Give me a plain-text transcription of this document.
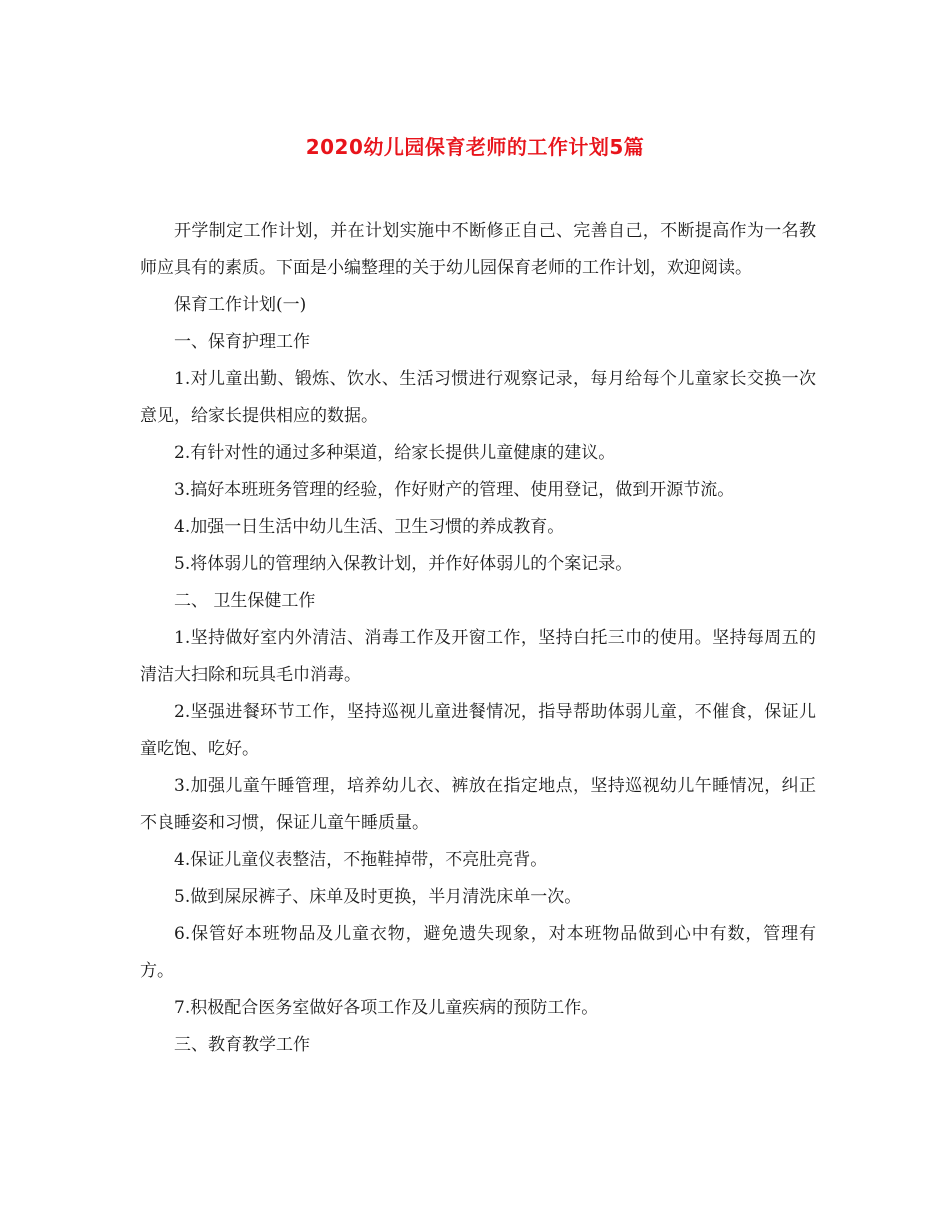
2020幼儿园保育老师的工作计划5篇

开学制定工作计划，并在计划实施中不断修正自己、完善自己，不断提高作为一名教师应具有的素质。下面是小编整理的关于幼儿园保育老师的工作计划，欢迎阅读。

保育工作计划(一)

一、保育护理工作

1.对儿童出勤、锻炼、饮水、生活习惯进行观察记录，每月给每个儿童家长交换一次意见，给家长提供相应的数据。

2.有针对性的通过多种渠道，给家长提供儿童健康的建议。

3.搞好本班班务管理的经验，作好财产的管理、使用登记，做到开源节流。

4.加强一日生活中幼儿生活、卫生习惯的养成教育。

5.将体弱儿的管理纳入保教计划，并作好体弱儿的个案记录。

二、 卫生保健工作

1.坚持做好室内外清洁、消毒工作及开窗工作，坚持白托三巾的使用。坚持每周五的清洁大扫除和玩具毛巾消毒。

2.坚强进餐环节工作，坚持巡视儿童进餐情况，指导帮助体弱儿童，不催食，保证儿童吃饱、吃好。

3.加强儿童午睡管理，培养幼儿衣、裤放在指定地点，坚持巡视幼儿午睡情况，纠正不良睡姿和习惯，保证儿童午睡质量。

4.保证儿童仪表整洁，不拖鞋掉带，不亮肚亮背。

5.做到屎尿裤子、床单及时更换，半月清洗床单一次。

6.保管好本班物品及儿童衣物，避免遗失现象，对本班物品做到心中有数，管理有方。

7.积极配合医务室做好各项工作及儿童疾病的预防工作。

三、教育教学工作
